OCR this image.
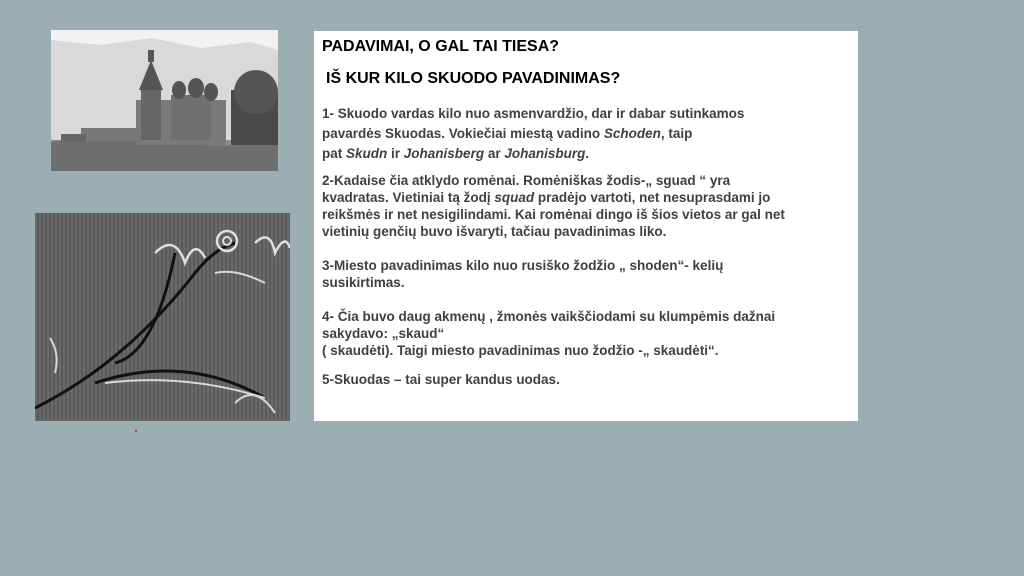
PADAVIMAI, O GAL TAI TIESA?

IŠ KUR KILO SKUODO PAVADINIMAS?

1- Skuodo vardas kilo nuo asmenvardžio, dar ir dabar sutinkamos
pavardės Skuodas. Vokiečiai miestą vadino Schoden, taip
pat Skudn ir Johanisberg ar Johanisburg.
2-Kadaise čia atklydo romėnai. Romėniškas žodis-„ sguad “ yra
kvadratas. Vietiniai tą žodį squad pradėjo vartoti, net nesuprasdami jo
reikšmės ir net nesigilindami. Kai romėnai dingo iš šios vietos ar gal net
vietinių genčių buvo išvaryti, tačiau pavadinimas liko.
3-Miesto pavadinimas kilo nuo rusiško žodžio „ shoden“- kelių
susikirtimas.
4- Čia buvo daug akmenų , žmonės vaikščiodami su klumpėmis dažnai
sakydavo: „skaud“
( skaudėti). Taigi miesto pavadinimas nuo žodžio -„ skaudėti“.
5-Skuodas – tai super kandus uodas.
